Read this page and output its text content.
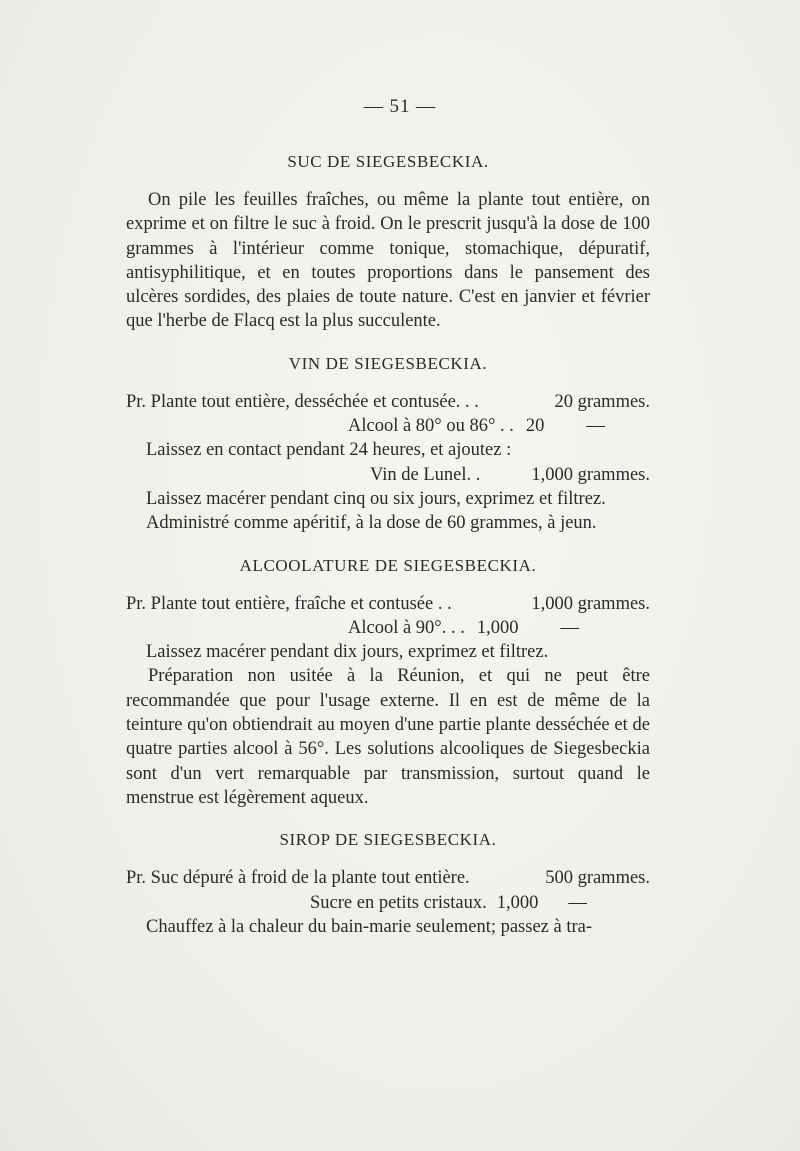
— 51 —
SUC DE SIEGESBECKIA.

On pile les feuilles fraîches, ou même la plante tout entière, on exprime et on filtre le suc à froid. On le prescrit jusqu'à la dose de 100 grammes à l'intérieur comme tonique, stomachique, dépuratif, antisyphilitique, et en toutes proportions dans le pansement des ulcères sordides, des plaies de toute nature. C'est en janvier et février que l'herbe de Flacq est la plus succulente.

VIN DE SIEGESBECKIA.
Pr. Plante tout entière, desséchée et contusée. . .	20 grammes.
Alcool à 80° ou 86° . . 20 —
Laissez en contact pendant 24 heures, et ajoutez :
Vin de Lunel. .	1,000 grammes.
Laissez macérer pendant cinq ou six jours, exprimez et filtrez.
Administré comme apéritif, à la dose de 60 grammes, à jeun.
ALCOOLATURE DE SIEGESBECKIA.
Pr. Plante tout entière, fraîche et contusée . .	1,000 grammes.
Alcool à 90°. . . 1,000 —
Laissez macérer pendant dix jours, exprimez et filtrez.

Préparation non usitée à la Réunion, et qui ne peut être recommandée que pour l'usage externe. Il en est de même de la teinture qu'on obtiendrait au moyen d'une partie plante desséchée et de quatre parties alcool à 56°. Les solutions alcooliques de Siegesbeckia sont d'un vert remarquable par transmission, surtout quand le menstrue est légèrement aqueux.

SIROP DE SIEGESBECKIA.
Pr. Suc dépuré à froid de la plante tout entière.	500 grammes.
Sucre en petits cristaux. 1,000 —
Chauffez à la chaleur du bain-marie seulement; passez à tra-
